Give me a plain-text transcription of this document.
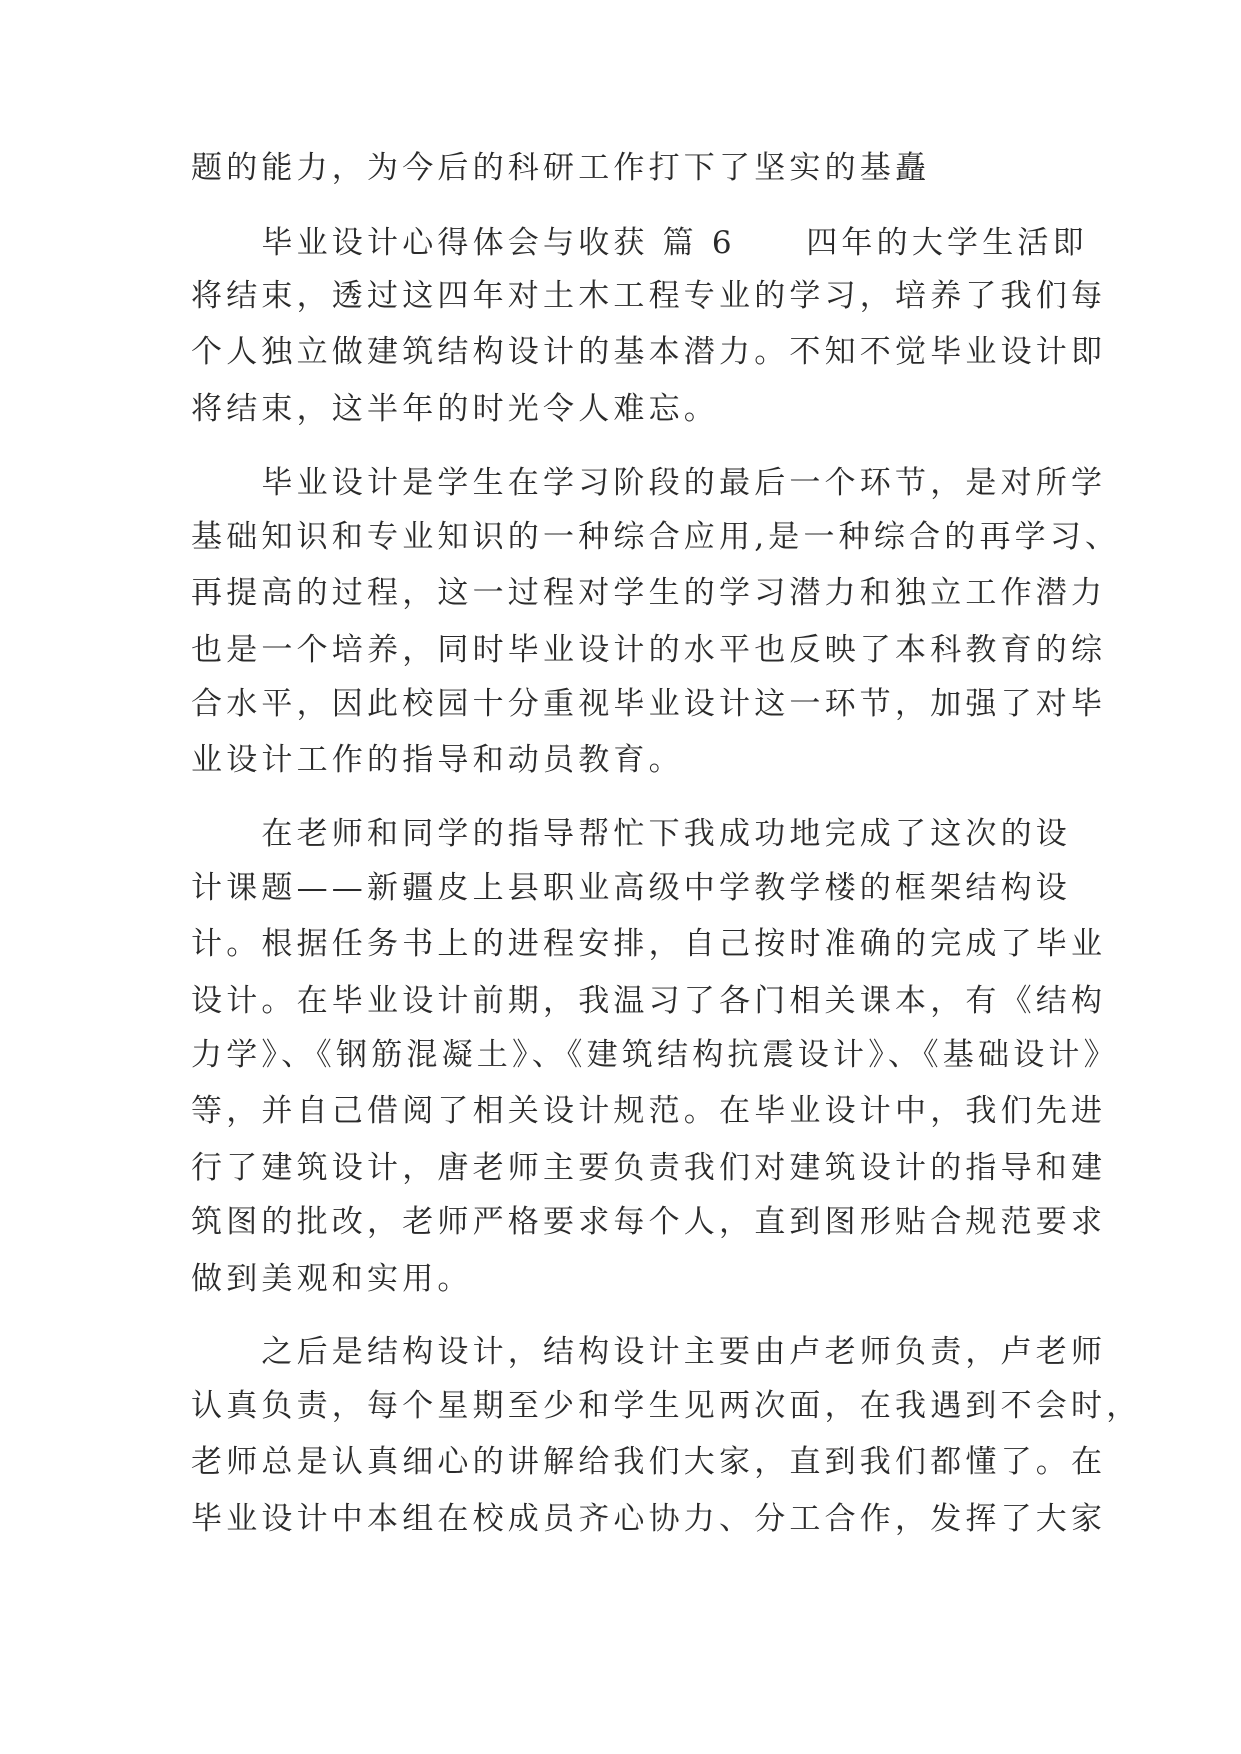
题的能力，为今后的科研工作打下了坚实的基矗
　　毕业设计心得体会与收获 篇 6　　四年的大学生活即
将结束，透过这四年对土木工程专业的学习，培养了我们每
个人独立做建筑结构设计的基本潜力。不知不觉毕业设计即
将结束，这半年的时光令人难忘。
　　毕业设计是学生在学习阶段的最后一个环节，是对所学
基础知识和专业知识的一种综合应用,是一种综合的再学习、
再提高的过程，这一过程对学生的学习潜力和独立工作潜力
也是一个培养，同时毕业设计的水平也反映了本科教育的综
合水平，因此校园十分重视毕业设计这一环节，加强了对毕
业设计工作的指导和动员教育。
　　在老师和同学的指导帮忙下我成功地完成了这次的设
计课题——新疆皮上县职业高级中学教学楼的框架结构设
计。根据任务书上的进程安排，自己按时准确的完成了毕业
设计。在毕业设计前期，我温习了各门相关课本，有《结构
力学》、《钢筋混凝土》、《建筑结构抗震设计》、《基础设计》
等，并自己借阅了相关设计规范。在毕业设计中，我们先进
行了建筑设计，唐老师主要负责我们对建筑设计的指导和建
筑图的批改，老师严格要求每个人，直到图形贴合规范要求
做到美观和实用。
　　之后是结构设计，结构设计主要由卢老师负责，卢老师
认真负责，每个星期至少和学生见两次面，在我遇到不会时，
老师总是认真细心的讲解给我们大家，直到我们都懂了。在
毕业设计中本组在校成员齐心协力、分工合作，发挥了大家
